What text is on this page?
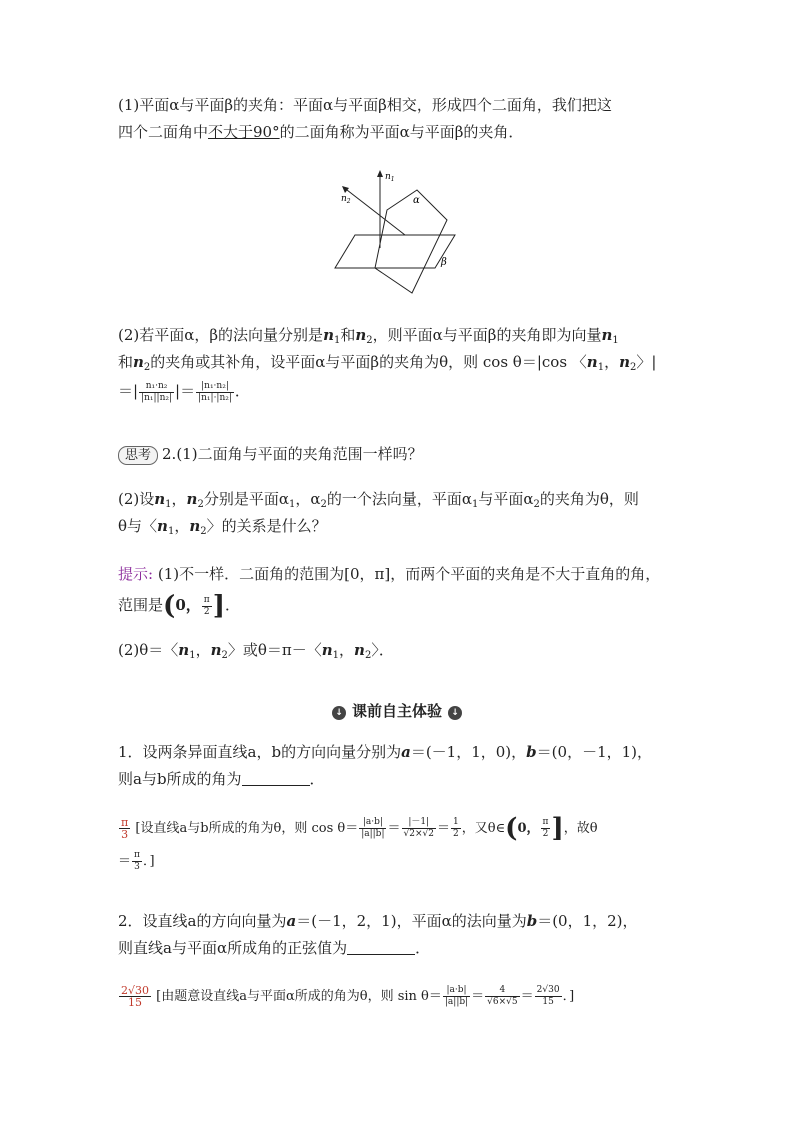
(1)平面α与平面β的夹角：平面α与平面β相交，形成四个二面角，我们把这
四个二面角中不大于90°的二面角称为平面α与平面β的夹角．
$n_1$
$n_2$	α
β
(2)若平面α，β的法向量分别是$n_1$和$n_2$，则平面α与平面β的夹角即为向量$n_1$
和$n_2$的夹角或其补角，设平面α与平面β的夹角为θ，则 cos θ＝|cos 〈$n_1$，$n_2$〉|
＝| $\frac{\text{n₁·n₂}}{\text{|n₁||n₂|}}$ |＝ $\frac{\text{|n₁·n₂|}}{\text{|n₁|·|n₂|}}$ ．
思考 2.(1)二面角与平面的夹角范围一样吗？
(2)设$n_1$，$n_2$分别是平面$\alpha_1$，$\alpha_2$的一个法向量，平面$\alpha_1$与平面$\alpha_2$的夹角为θ，则
θ与〈$n_1$，$n_2$〉的关系是什么？
提示: (1)不一样．二面角的范围为[0，π]，而两个平面的夹角是不大于直角的角，
范围是(0， $\frac{\pi}{2}$ ]．
(2)θ＝〈$n_1$，$n_2$〉或θ＝π－〈$n_1$，$n_2$〉．
↓ 课前自主体验 ↓
1．设两条异面直线a，b的方向向量分别为a＝(－1，1，0)，b＝(0，－1，1)，
则a与b所成的角为	．
$\frac{\pi}{3}$ [设直线a与b所成的角为θ，则 $\cos \theta= \frac{|a\cdot b|}{|a||b|} = \frac{|-1|}{√2\times√2} = \frac{1}{2}$ ，又θ∈(0， $\frac{\pi}{2}$ ]，故θ
＝ $\frac{\pi}{3}$ ．]
2．设直线a的方向向量为a＝(－1，2，1)，平面α的法向量为b＝(0，1，2)，
则直线a与平面α所成角的正弦值为	．
$\frac{2√30}{15}$ [由题意设直线a与平面α所成的角为θ，则 $\sin \theta= \frac{|a\cdot b|}{|a||b|} = \frac{4}{√6\times√5} = \frac{2√30}{15}$ ．]
